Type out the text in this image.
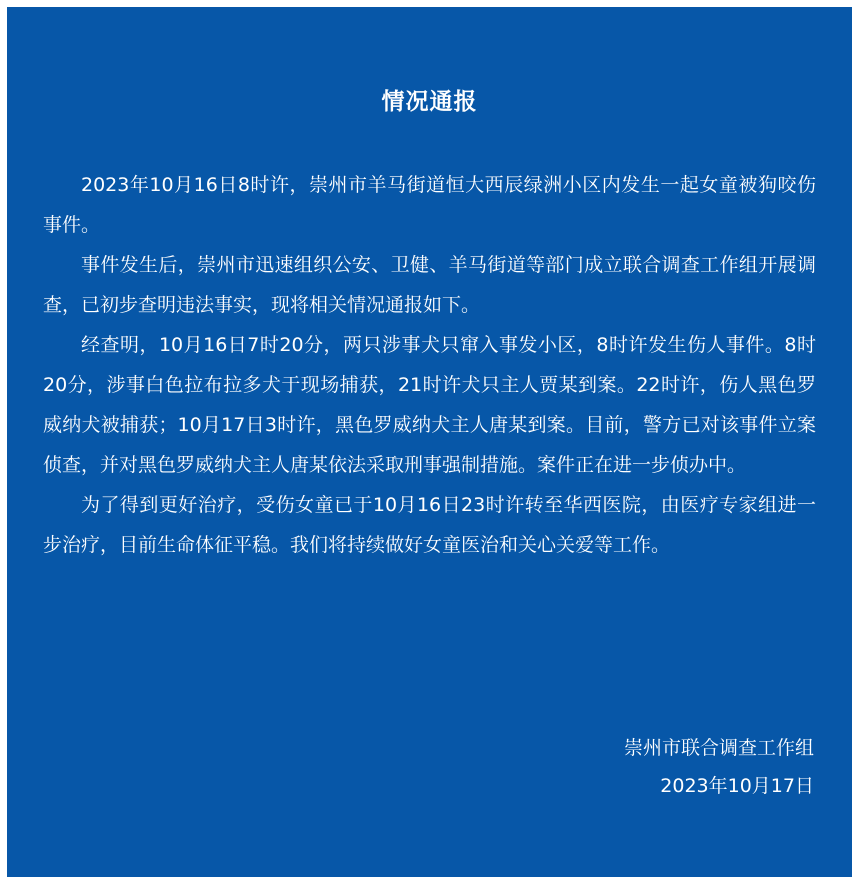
情况通报

2023年10月16日8时许，崇州市羊马街道恒大西辰绿洲小区内发生一起女童被狗咬伤事件。

事件发生后，崇州市迅速组织公安、卫健、羊马街道等部门成立联合调查工作组开展调查，已初步查明违法事实，现将相关情况通报如下。

经查明，10月16日7时20分，两只涉事犬只窜入事发小区，8时许发生伤人事件。8时20分，涉事白色拉布拉多犬于现场捕获，21时许犬只主人贾某到案。22时许，伤人黑色罗威纳犬被捕获；10月17日3时许，黑色罗威纳犬主人唐某到案。目前，警方已对该事件立案侦查，并对黑色罗威纳犬主人唐某依法采取刑事强制措施。案件正在进一步侦办中。

为了得到更好治疗，受伤女童已于10月16日23时许转至华西医院，由医疗专家组进一步治疗，目前生命体征平稳。我们将持续做好女童医治和关心关爱等工作。

崇州市联合调查工作组
2023年10月17日
